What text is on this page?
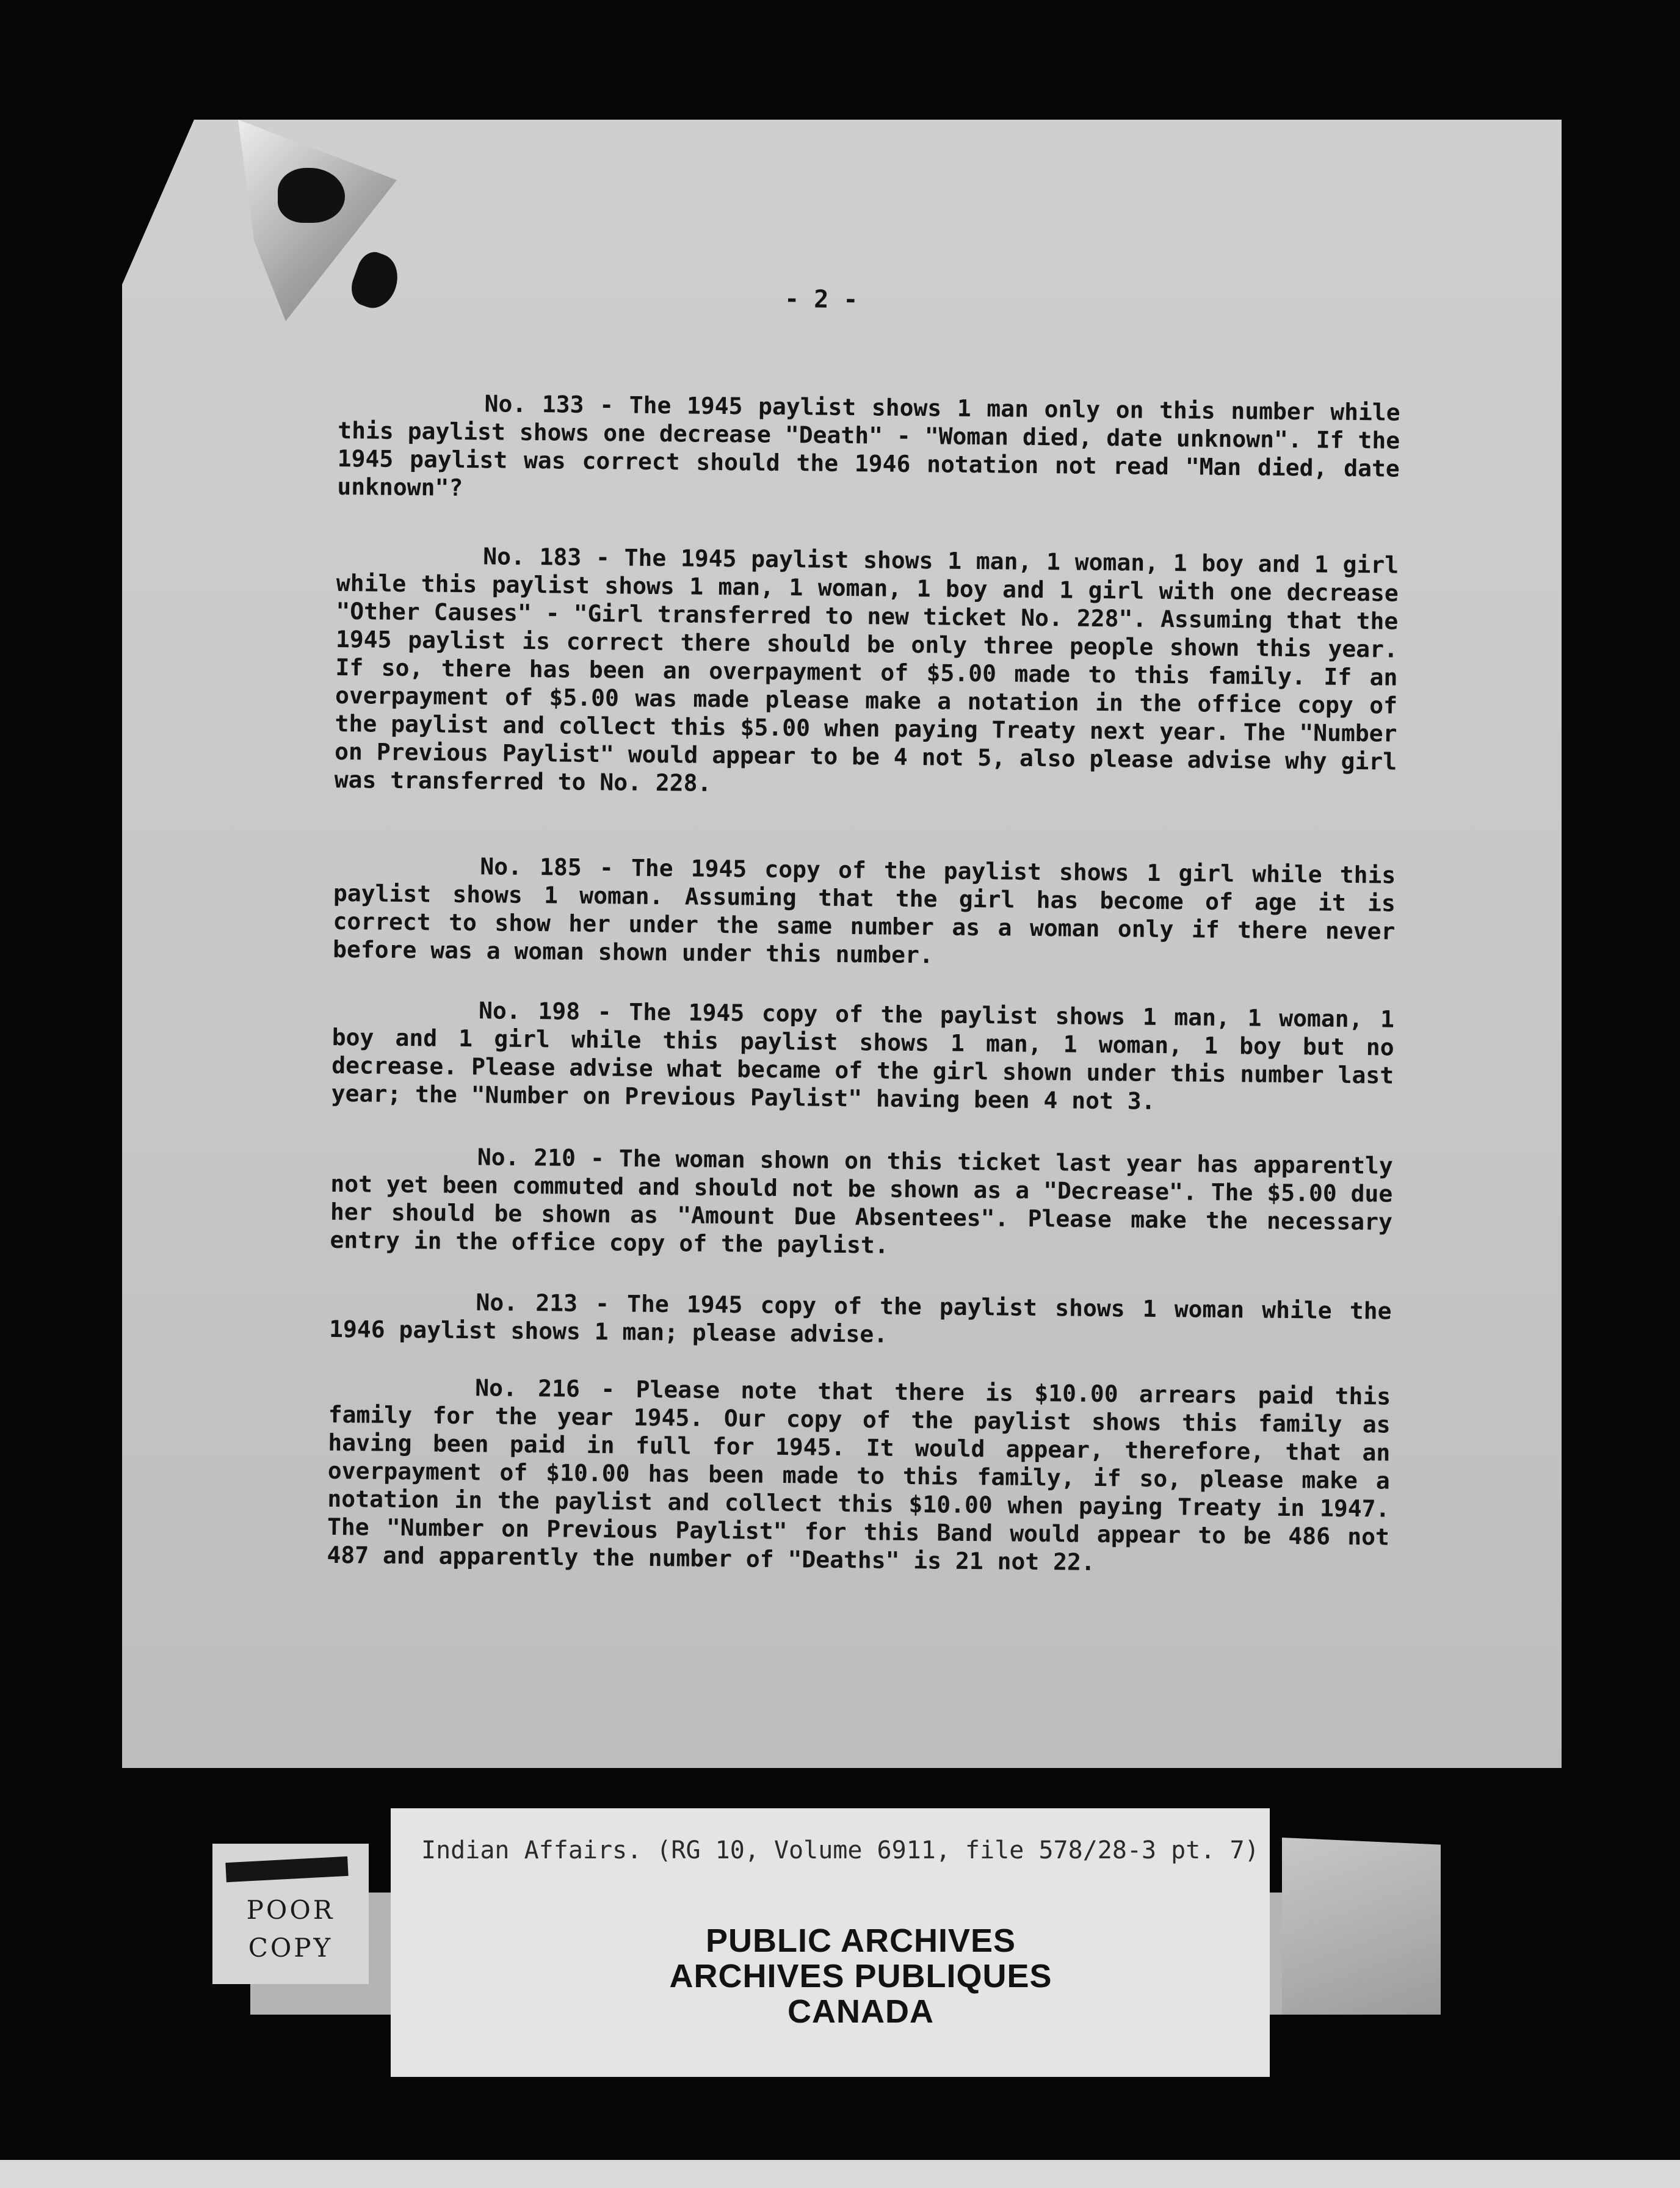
- 2 -

No. 133 - The 1945 paylist shows 1 man only on this number while this paylist shows one decrease "Death" - "Woman died, date unknown". If the 1945 paylist was correct should the 1946 notation not read "Man died, date unknown"?

No. 183 - The 1945 paylist shows 1 man, 1 woman, 1 boy and 1 girl while this paylist shows 1 man, 1 woman, 1 boy and 1 girl with one decrease "Other Causes" - "Girl transferred to new ticket No. 228". Assuming that the 1945 paylist is correct there should be only three people shown this year. If so, there has been an overpayment of $5.00 made to this family. If an overpayment of $5.00 was made please make a notation in the office copy of the paylist and collect this $5.00 when paying Treaty next year. The "Number on Previous Paylist" would appear to be 4 not 5, also please advise why girl was transferred to No. 228.

No. 185 - The 1945 copy of the paylist shows 1 girl while this paylist shows 1 woman. Assuming that the girl has become of age it is correct to show her under the same number as a woman only if there never before was a woman shown under this number.

No. 198 - The 1945 copy of the paylist shows 1 man, 1 woman, 1 boy and 1 girl while this paylist shows 1 man, 1 woman, 1 boy but no decrease. Please advise what became of the girl shown under this number last year; the "Number on Previous Paylist" having been 4 not 3.

No. 210 - The woman shown on this ticket last year has apparently not yet been commuted and should not be shown as a "Decrease". The $5.00 due her should be shown as "Amount Due Absentees". Please make the necessary entry in the office copy of the paylist.

No. 213 - The 1945 copy of the paylist shows 1 woman while the 1946 paylist shows 1 man; please advise.

No. 216 - Please note that there is $10.00 arrears paid this family for the year 1945. Our copy of the paylist shows this family as having been paid in full for 1945. It would appear, therefore, that an overpayment of $10.00 has been made to this family, if so, please make a notation in the paylist and collect this $10.00 when paying Treaty in 1947. The "Number on Previous Paylist" for this Band would appear to be 486 not 487 and apparently the number of "Deaths" is 21 not 22.

Indian Affairs. (RG 10, Volume 6911, file 578/28-3 pt. 7)
POOR
COPY	PUBLIC ARCHIVES
ARCHIVES PUBLIQUES
CANADA
